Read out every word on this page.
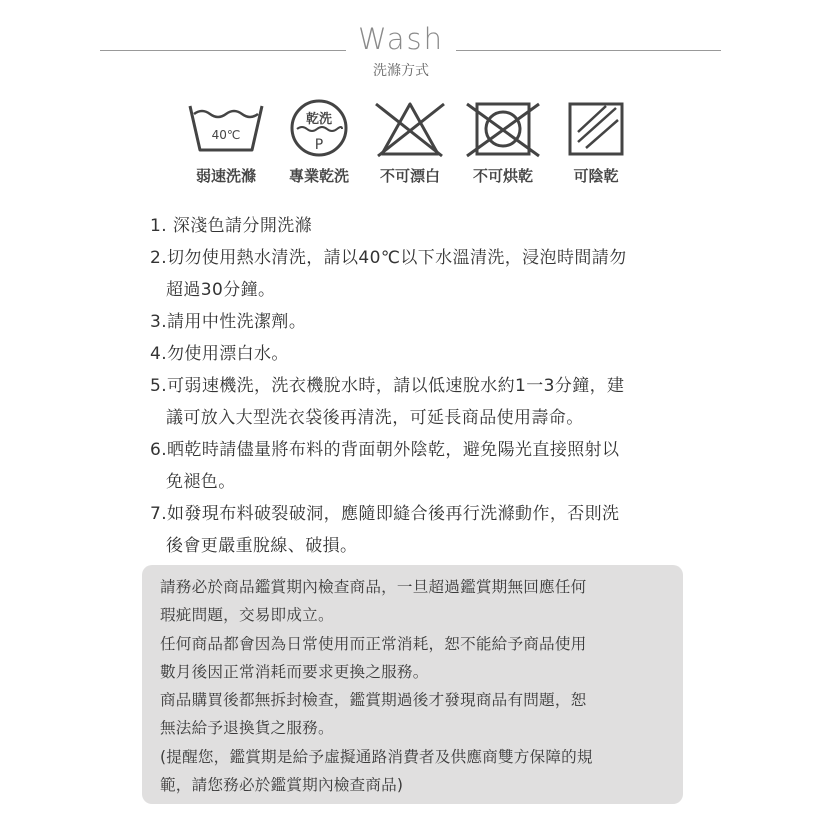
Wash
洗滌方式
40℃
弱速洗滌
乾洗
P
專業乾洗	不可漂白	不可烘乾	可陰乾
1. 深淺色請分開洗滌
2.切勿使用熱水清洗，請以40℃以下水溫清洗，浸泡時間請勿
超過30分鐘。
3.請用中性洗潔劑。
4.勿使用漂白水。
5.可弱速機洗，洗衣機脫水時，請以低速脫水約1一3分鐘，建
議可放入大型洗衣袋後再清洗，可延長商品使用壽命。
6.晒乾時請儘量將布料的背面朝外陰乾，避免陽光直接照射以
免褪色。
7.如發現布料破裂破洞，應隨即縫合後再行洗滌動作，否則洗
後會更嚴重脫線、破損。

請務必於商品鑑賞期內檢查商品，一旦超過鑑賞期無回應任何

瑕疵問題，交易即成立。

任何商品都會因為日常使用而正常消耗，恕不能給予商品使用

數月後因正常消耗而要求更換之服務。

商品購買後都無拆封檢查，鑑賞期過後才發現商品有問題，恕

無法給予退換貨之服務。

(提醒您，鑑賞期是給予虛擬通路消費者及供應商雙方保障的規

範，請您務必於鑑賞期內檢查商品)
